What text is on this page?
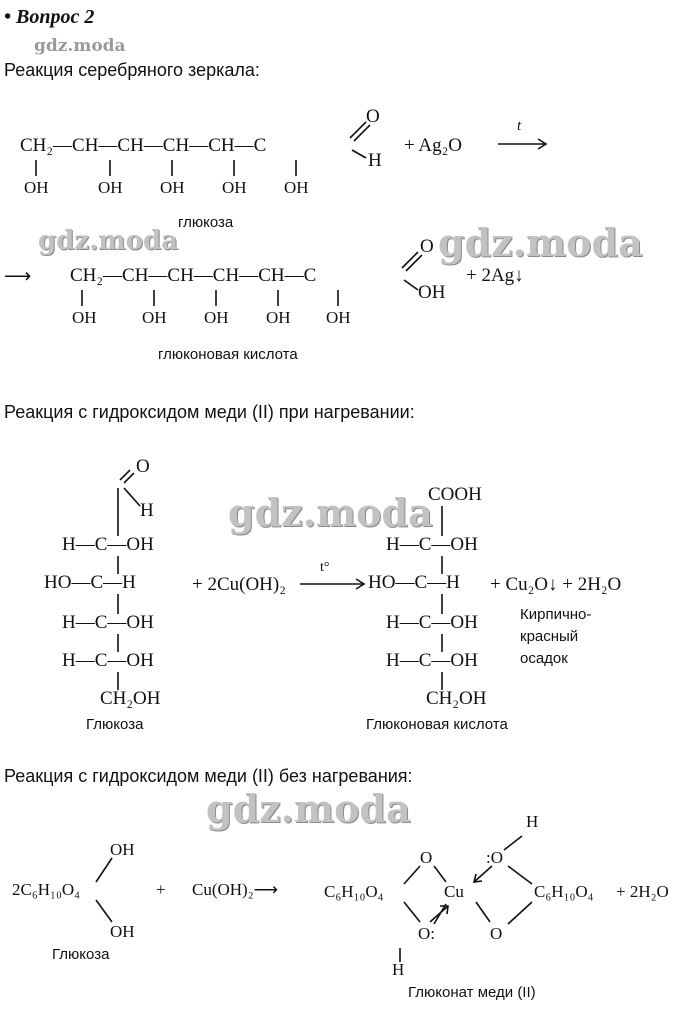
• Вопрос 2
gdz.moda
Реакция серебряного зеркала:
CH₂—CH—CH—CH—CH—C
O
H
+ Ag₂O
t
OH	OH OH OH OH
глюкоза
gdz.moda	gdz.moda
⟶ CH₂—CH—CH—CH—CH—C
O
OH
+ 2Ag↓
OH	OH OH OH OH
глюконовая кислота
Реакция с гидроксидом меди (II) при нагревании:
O
H
H—C—OH
HO—C—H
H—C—OH
H—C—OH
CH₂OH
Глюкоза
+ 2Cu(OH)₂
t°
gdz.moda
COOH
H—C—OH
HO—C—H
H—C—OH
H—C—OH
CH₂OH
Глюконовая кислота
+ Cu₂O↓ + 2H₂O
Кирпично-
красный
осадок
Реакция с гидроксидом меди (II) без нагревания:
gdz.moda
OH
2C₆H₁₀O₄
OH
Глюкоза
+ Cu(OH)₂⟶	C₆H₁₀O₄
O
O:
H
Cu
:O
H
O
C₆H₁₀O₄ + 2H₂O
Глюконат меди (II)
